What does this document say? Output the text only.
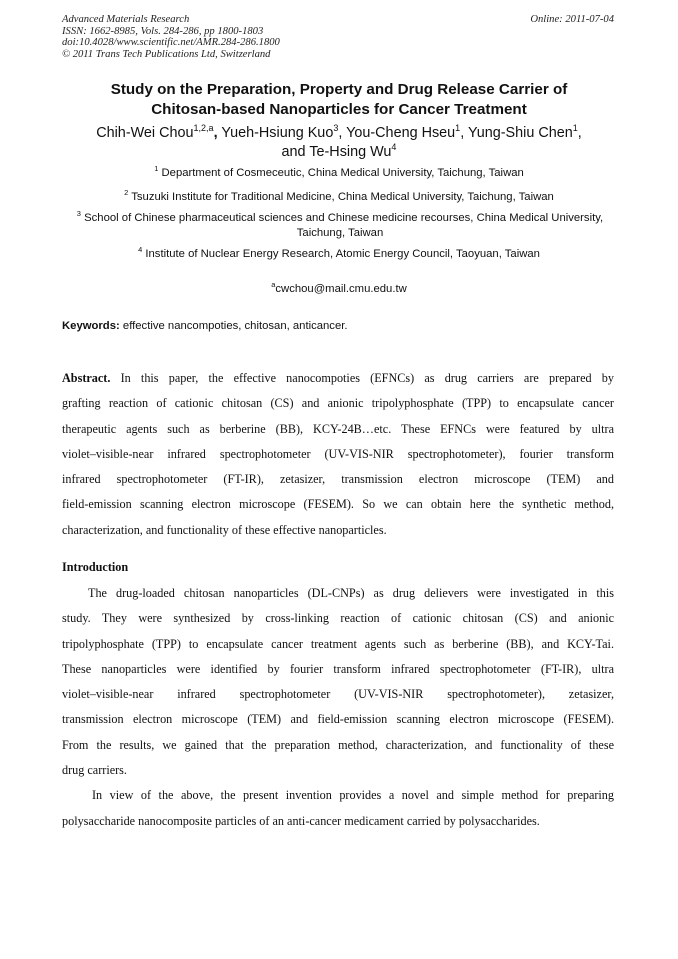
Advanced Materials Research
ISSN: 1662-8985, Vols. 284-286, pp 1800-1803
doi:10.4028/www.scientific.net/AMR.284-286.1800
© 2011 Trans Tech Publications Ltd, Switzerland
Online: 2011-07-04
Study on the Preparation, Property and Drug Release Carrier of
Chitosan-based Nanoparticles for Cancer Treatment
Chih-Wei Chou$^{1,2,a}$, Yueh-Hsiung Kuo$^3$, You-Cheng Hseu$^1$, Yung-Shiu Chen$^1$,
and Te-Hsing Wu$^4$
$^1$ Department of Cosmeceutic, China Medical University, Taichung, Taiwan
$^2$ Tsuzuki Institute for Traditional Medicine, China Medical University, Taichung, Taiwan
$^3$ School of Chinese pharmaceutical sciences and Chinese medicine recourses, China Medical University, Taichung, Taiwan
$^4$ Institute of Nuclear Energy Research, Atomic Energy Council, Taoyuan, Taiwan
$^a$cwchou@mail.cmu.edu.tw
Keywords: effective nancompoties, chitosan, anticancer.
Abstract. In this paper, the effective nanocompoties (EFNCs) as drug carriers are prepared by
grafting reaction of cationic chitosan (CS) and anionic tripolyphosphate (TPP) to encapsulate cancer
therapeutic agents such as berberine (BB), KCY-24B…etc. These EFNCs were featured by ultra
violet–visible-near infrared spectrophotometer (UV-VIS-NIR spectrophotometer), fourier transform
infrared spectrophotometer (FT-IR), zetasizer, transmission electron microscope (TEM) and
field-emission scanning electron microscope (FESEM). So we can obtain here the synthetic method,
characterization, and functionality of these effective nanoparticles.
Introduction
The drug-loaded chitosan nanoparticles (DL-CNPs) as drug delievers were investigated in this
study. They were synthesized by cross-linking reaction of cationic chitosan (CS) and anionic
tripolyphosphate (TPP) to encapsulate cancer treatment agents such as berberine (BB), and KCY-Tai.
These nanoparticles were identified by fourier transform infrared spectrophotometer (FT-IR), ultra
violet–visible-near infrared spectrophotometer (UV-VIS-NIR spectrophotometer), zetasizer,
transmission electron microscope (TEM) and field-emission scanning electron microscope (FESEM).
From the results, we gained that the preparation method, characterization, and functionality of these
drug carriers.
In view of the above, the present invention provides a novel and simple method for preparing
polysaccharide nanocomposite particles of an anti-cancer medicament carried by polysaccharides.
